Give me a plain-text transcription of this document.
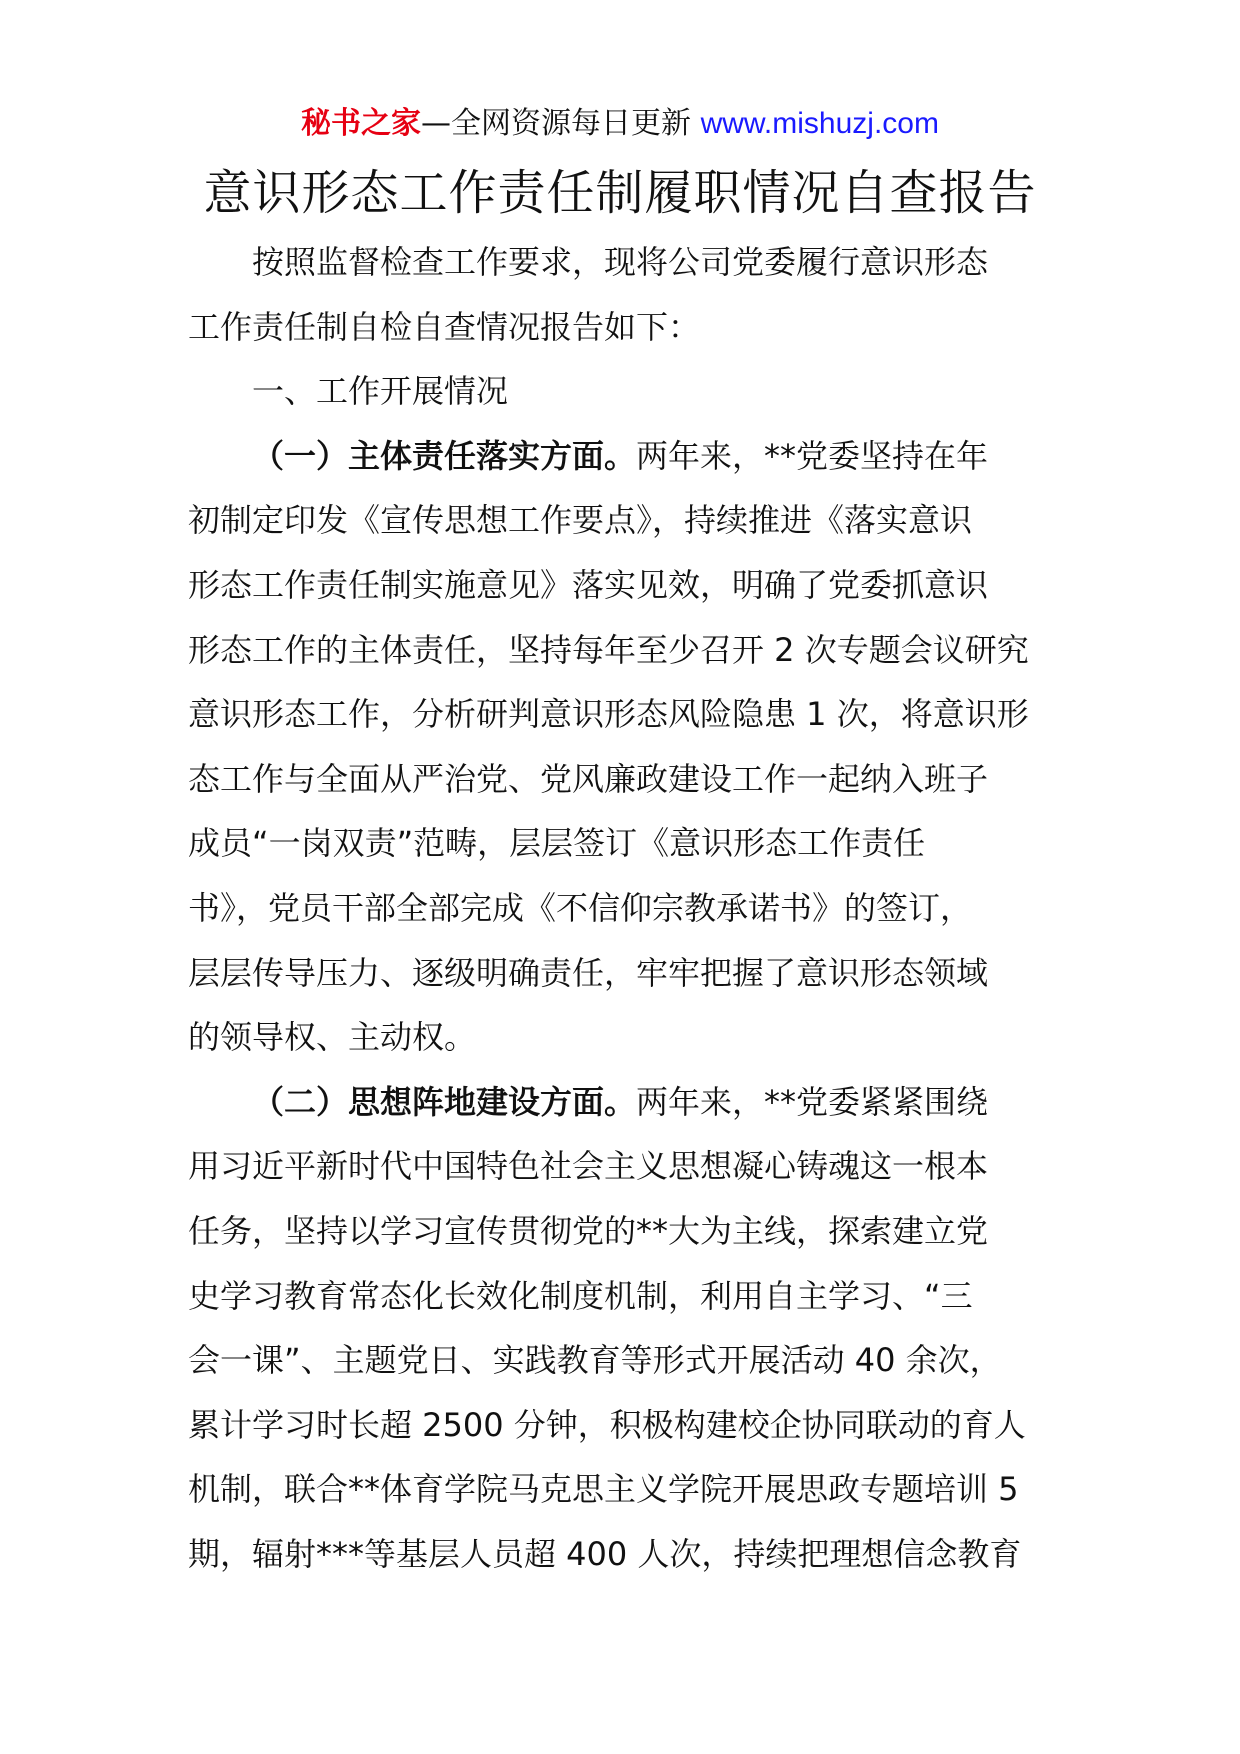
秘书之家—全网资源每日更新 www.mishuzj.com
意识形态工作责任制履职情况自查报告
按照监督检查工作要求，现将公司党委履行意识形态
工作责任制自检自查情况报告如下：
一、工作开展情况
（一）主体责任落实方面。两年来，**党委坚持在年
初制定印发《宣传思想工作要点》，持续推进《落实意识
形态工作责任制实施意见》落实见效，明确了党委抓意识
形态工作的主体责任，坚持每年至少召开 2 次专题会议研究
意识形态工作，分析研判意识形态风险隐患 1 次，将意识形
态工作与全面从严治党、党风廉政建设工作一起纳入班子
成员“一岗双责”范畴，层层签订《意识形态工作责任
书》，党员干部全部完成《不信仰宗教承诺书》的签订，
层层传导压力、逐级明确责任，牢牢把握了意识形态领域
的领导权、主动权。
（二）思想阵地建设方面。两年来，**党委紧紧围绕
用习近平新时代中国特色社会主义思想凝心铸魂这一根本
任务，坚持以学习宣传贯彻党的**大为主线，探索建立党
史学习教育常态化长效化制度机制，利用自主学习、“三
会一课”、主题党日、实践教育等形式开展活动 40 余次，
累计学习时长超 2500 分钟，积极构建校企协同联动的育人
机制，联合**体育学院马克思主义学院开展思政专题培训 5
期，辐射***等基层人员超 400 人次，持续把理想信念教育
